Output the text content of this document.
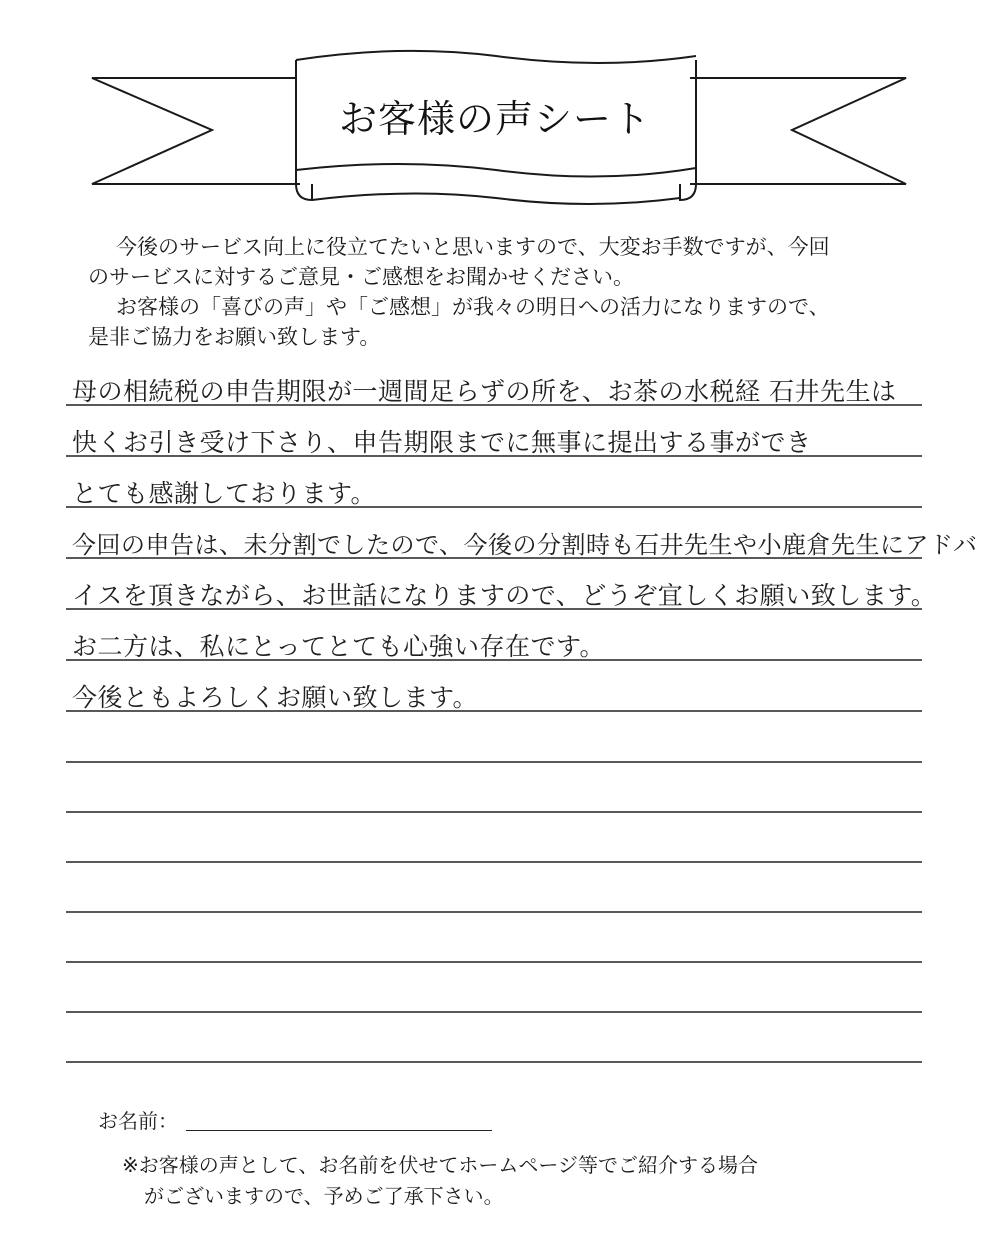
お客様の声シート

今後のサービス向上に役立てたいと思いますので、大変お手数ですが、今回

のサービスに対するご意見・ご感想をお聞かせください。

お客様の「喜びの声」や「ご感想」が我々の明日への活力になりますので、

是非ご協力をお願い致します。

母の相続税の申告期限が一週間足らずの所を、お茶の水税経 石井先生は
快くお引き受け下さり、申告期限までに無事に提出する事ができ
とても感謝しております。
今回の申告は、未分割でしたので、今後の分割時も石井先生や小鹿倉先生にアドバ
イスを頂きながら、お世話になりますので、どうぞ宜しくお願い致します。
お二方は、私にとってとても心強い存在です。
今後ともよろしくお願い致します。
お名前：

※お客様の声として、お名前を伏せてホームページ等でご紹介する場合

がございますので、予めご了承下さい。
